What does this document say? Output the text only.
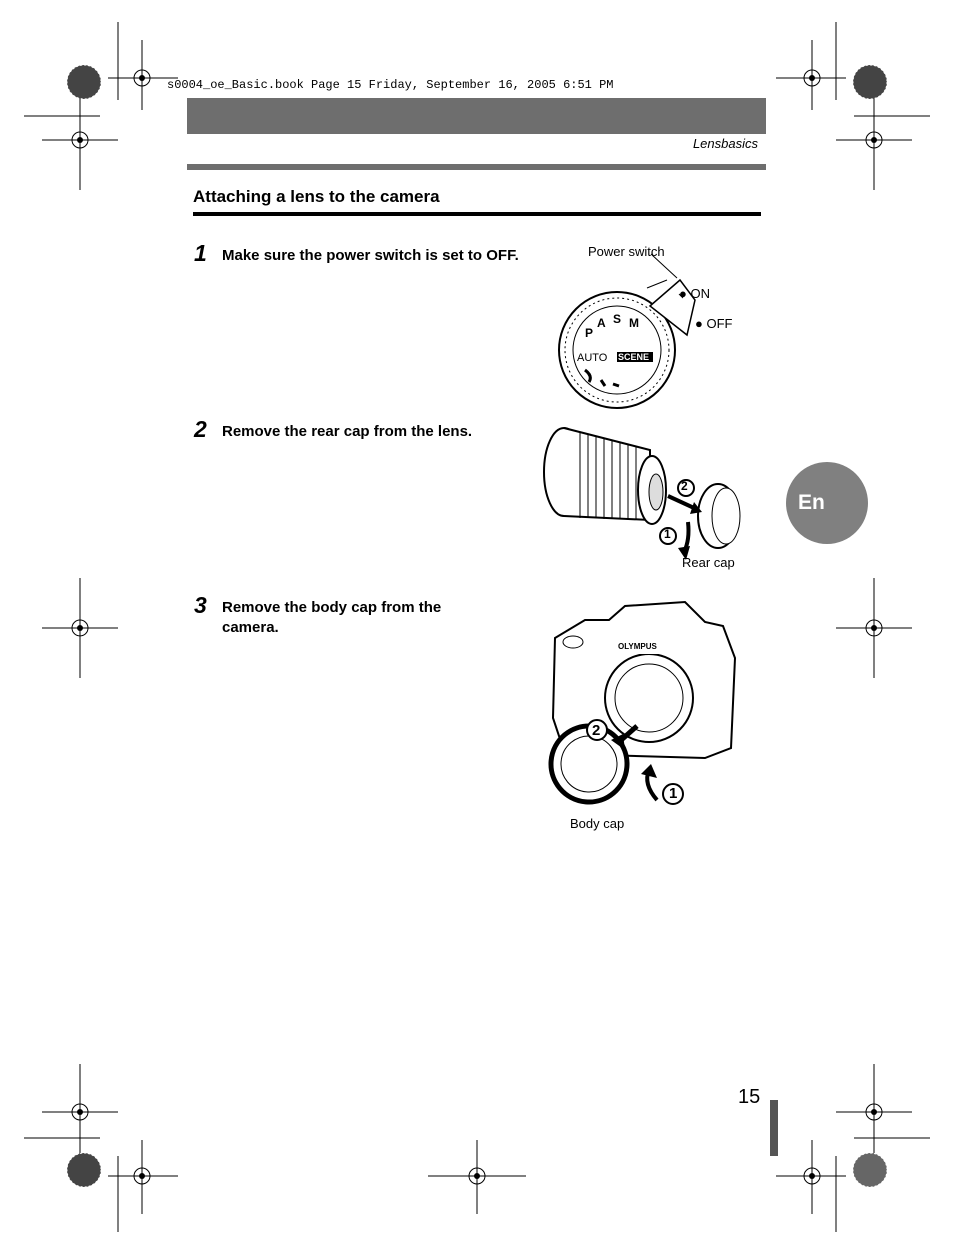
s0004_oe_Basic.book Page 15 Friday, September 16, 2005 6:51 PM
Lensbasics
Attaching a lens to the camera
1 Make sure the power switch is set to OFF.
2 Remove the rear cap from the lens.
3 Remove the body cap from the camera.
Power switch
● ON
● OFF
AUTO SCENE
P
A S M
2
1
Rear cap
OLYMPUS
2
1
Body cap
En
15
